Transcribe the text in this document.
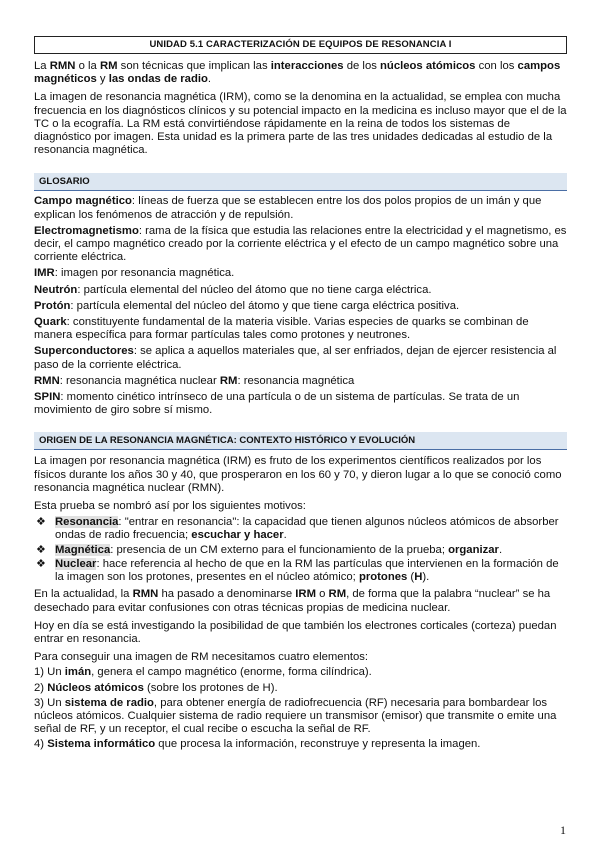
UNIDAD 5.1 CARACTERIZACIÓN DE EQUIPOS DE RESONANCIA I

La RMN o la RM son técnicas que implican las interacciones de los núcleos atómicos con los campos magnéticos y las ondas de radio.

La imagen de resonancia magnética (IRM), como se la denomina en la actualidad, se emplea con mucha frecuencia en los diagnósticos clínicos y su potencial impacto en la medicina es incluso mayor que el de la TC o la ecografía. La RM está convirtiéndose rápidamente en la reina de todos los sistemas de diagnóstico por imagen. Esta unidad es la primera parte de las tres unidades dedicadas al estudio de la resonancia magnética.

GLOSARIO

Campo magnético: líneas de fuerza que se establecen entre los dos polos propios de un imán y que explican los fenómenos de atracción y de repulsión.

Electromagnetismo: rama de la física que estudia las relaciones entre la electricidad y el magnetismo, es decir, el campo magnético creado por la corriente eléctrica y el efecto de un campo magnético sobre una corriente eléctrica.

IMR: imagen por resonancia magnética.

Neutrón: partícula elemental del núcleo del átomo que no tiene carga eléctrica.

Protón: partícula elemental del núcleo del átomo y que tiene carga eléctrica positiva.

Quark: constituyente fundamental de la materia visible. Varias especies de quarks se combinan de manera específica para formar partículas tales como protones y neutrones.

Superconductores: se aplica a aquellos materiales que, al ser enfriados, dejan de ejercer resistencia al paso de la corriente eléctrica.

RMN: resonancia magnética nuclear RM: resonancia magnética

SPIN: momento cinético intrínseco de una partícula o de un sistema de partículas. Se trata de un movimiento de giro sobre sí mismo.

ORIGEN DE LA RESONANCIA MAGNÉTICA: CONTEXTO HISTÓRICO Y EVOLUCIÓN

La imagen por resonancia magnética (IRM) es fruto de los experimentos científicos realizados por los físicos durante los años 30 y 40, que prosperaron en los 60 y 70, y dieron lugar a lo que se conoció como resonancia magnética nuclear (RMN).

Esta prueba se nombró así por los siguientes motivos:

❖ Resonancia: "entrar en resonancia": la capacidad que tienen algunos núcleos atómicos de absorber ondas de radio frecuencia; escuchar y hacer.
❖ Magnética: presencia de un CM externo para el funcionamiento de la prueba; organizar.
❖ Nuclear: hace referencia al hecho de que en la RM las partículas que intervienen en la formación de la imagen son los protones, presentes en el núcleo atómico; protones (H).

En la actualidad, la RMN ha pasado a denominarse IRM o RM, de forma que la palabra “nuclear” se ha desechado para evitar confusiones con otras técnicas propias de medicina nuclear.

Hoy en día se está investigando la posibilidad de que también los electrones corticales (corteza) puedan entrar en resonancia.

Para conseguir una imagen de RM necesitamos cuatro elementos:

1) Un imán, genera el campo magnético (enorme, forma cilíndrica).

2) Núcleos atómicos (sobre los protones de H).

3) Un sistema de radio, para obtener energía de radiofrecuencia (RF) necesaria para bombardear los núcleos atómicos. Cualquier sistema de radio requiere un transmisor (emisor) que transmite o emite una señal de RF, y un receptor, el cual recibe o escucha la señal de RF.

4) Sistema informático que procesa la información, reconstruye y representa la imagen.

1
